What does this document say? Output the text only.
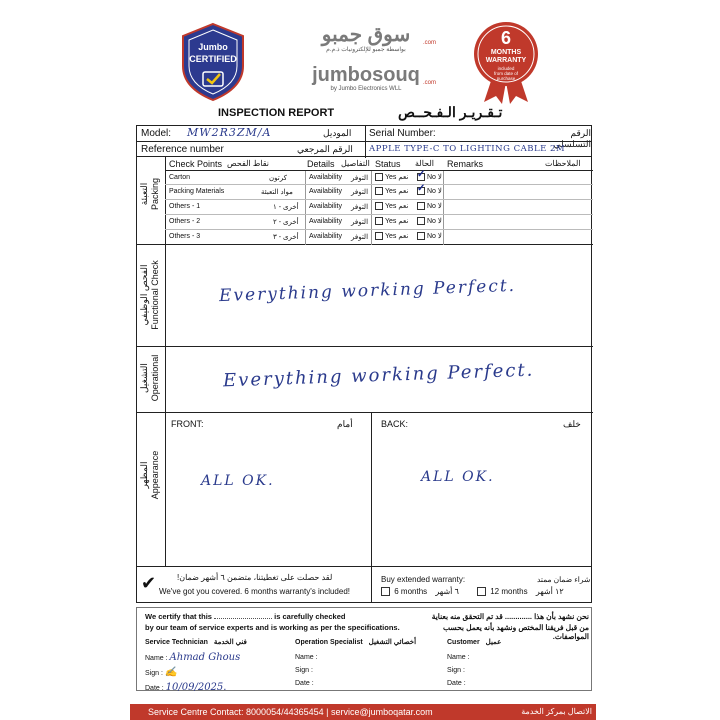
Jumbo
CERTIFIED
سوق جمبو	.com
بواسطة جمبو للإلكترونيات ذ.م.م
jumbosouq .com
by Jumbo Electronics WLL
6
MONTHS
WARRANTY
included
from date of
purchase
INSPECTION REPORT	تـقـريـر الـفـحــص
Model: MW2R3ZM/A	الموديل Serial Number:	الرقم التسلسلي
Reference number	الرقم المرجعي APPLE TYPE-C TO LIGHTING CABLE 2M
Check Points نقاط الفحص	Details التفاصيل Status الحالة Remarks	الملاحظات
التعبئة Packing
Carton	كرتون	Availability التوفر	Yes نعم ✓	No لا
Packing Materials	مواد التعبئة Availability التوفر	Yes نعم ✓	No لا
Others - 1	أخرى - ١ Availability التوفر	Yes نعم	No لا
Others - 2	أخرى - ٢ Availability التوفر	Yes نعم	No لا
Others - 3	أخرى - ٣ Availability التوفر	Yes نعم	No لا
الفحص الوظيفي Functional Check	Everything working Perfect.
التشغيل Operational	Everything working Perfect.
المظهر Appearance
FRONT:	أمام	BACK:	خلف
ALL OK.	ALL OK.
✔	لقد حصلت على تغطيتنا، متضمن ٦ أشهر ضمان!
We've got you covered. 6 months warranty's included!
Buy extended warranty:	شراء ضمان ممتد
6 months ٦ أشهر	12 months ١٢ أشهر
We certify that this	is carefully checked
by our team of service experts and is working as per the specifications.
نحن نشهد بأن هذا ............. قد تم التحقق منه بعناية
من قبل فريقنا المختص ونشهد بأنه يعمل بحسب المواصفات.
Service Technician فني الخدمة
Name : Ahmad Ghous
Sign : ✍
Date : 10/09/2025.
Operation Specialist أخصائي التشغيل
Name :
Sign :
Date :
Customer عميل
Name :
Sign :
Date :
Service Centre Contact: 8000054/44365454 | service@jumboqatar.com	الاتصال بمركز الخدمة
